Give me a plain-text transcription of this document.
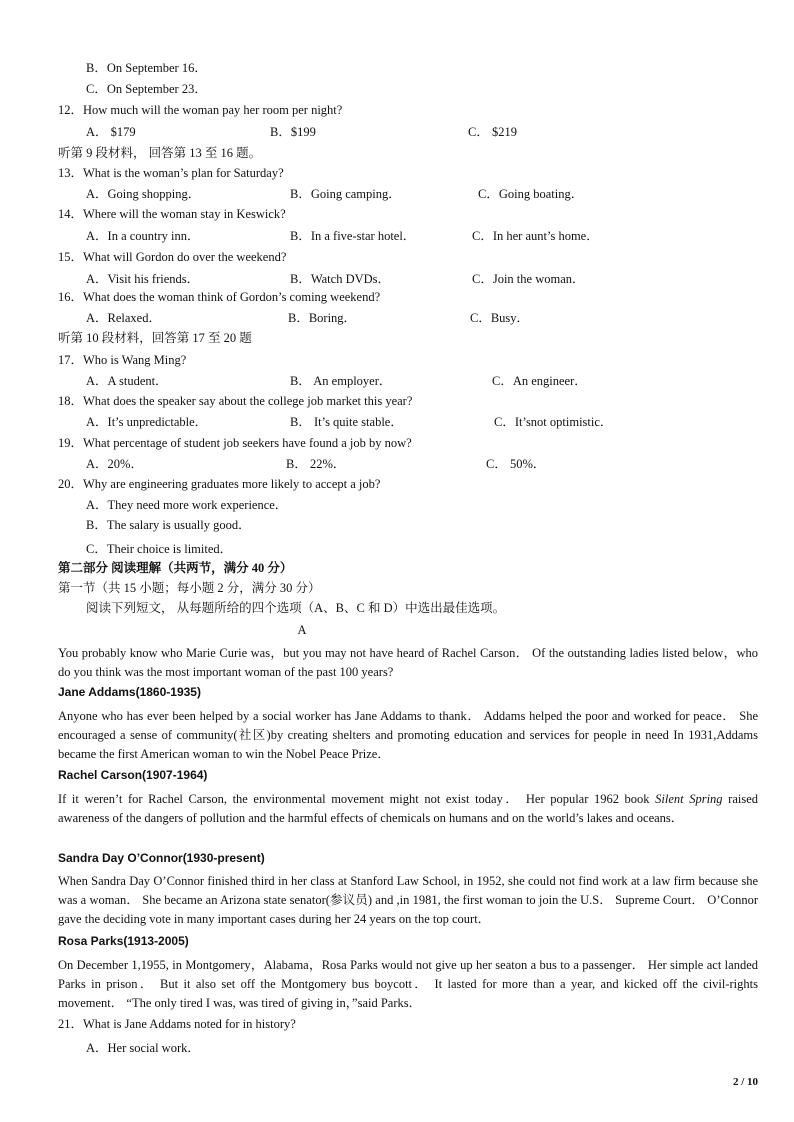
B．On September 16．
C．On September 23．
12．How much will the woman pay her room per night?
A． $179	B．$199	C． $219
听第 9 段材料， 回答第 13 至 16 题。
13．What is the woman’s plan for Saturday?
A．Going shopping．	B．Going camping．	C．Going boating．
14．Where will the woman stay in Keswick?
A．In a country inn．	B．In a five-star hotel．	C．In her aunt’s home．
15．What will Gordon do over the weekend?
A．Visit his friends．	B．Watch DVDs．	C．Join the woman．
16．What does the woman think of Gordon’s coming weekend?
A．Relaxed．	B．Boring．	C．Busy．
听第 10 段材料，回答第 17 至 20 题
17．Who is Wang Ming?
A．A student．	B． An employer．	C．An engineer．
18．What does the speaker say about the college job market this year?
A．It’s unpredictable．	B． It’s quite stable．	C．It’snot optimistic．
19．What percentage of student job seekers have found a job by now?
A．20%．	B． 22%．	C． 50%．
20．Why are engineering graduates more likely to accept a job?
A．They need more work experience．
B．The salary is usually good．
C．Their choice is limited．
第二部分 阅读理解（共两节，满分 40 分）
第一节（共 15 小题；每小题 2 分，满分 30 分）
阅读下列短文， 从每题所给的四个选项（A、B、C 和 D）中选出最佳选项。
A
You probably know who Marie Curie was，but you may not have heard of Rachel Carson． Of the outstanding ladies listed below，who do you think was the most important woman of the past 100 years?
Jane Addams(1860-1935)
Anyone who has ever been helped by a social worker has Jane Addams to thank． Addams helped the poor and worked for peace． She encouraged a sense of community(社区)by creating shelters and promoting education and services for people in need In 1931,Addams became the first American woman to win the Nobel Peace Prize．
Rachel Carson(1907-1964)
If it weren’t for Rachel Carson, the environmental movement might not exist today． Her popular 1962 book Silent Spring raised awareness of the dangers of pollution and the harmful effects of chemicals on humans and on the world’s lakes and oceans．
Sandra Day O’Connor(1930-present)
When Sandra Day O’Connor finished third in her class at Stanford Law School, in 1952, she could not find work at a law firm because she was a woman． She became an Arizona state senator(参议员) and ,in 1981, the first woman to join the U.S． Supreme Court． O’Connor gave the deciding vote in many important cases during her 24 years on the top court．
Rosa Parks(1913-2005)
On December 1,1955, in Montgomery，Alabama，Rosa Parks would not give up her seaton a bus to a passenger． Her simple act landed Parks in prison． But it also set off the Montgomery bus boycott． It lasted for more than a year, and kicked off the civil-rights movement． “The only tired I was, was tired of giving in，”said Parks．
21．What is Jane Addams noted for in history?
A．Her social work．
2 / 10
